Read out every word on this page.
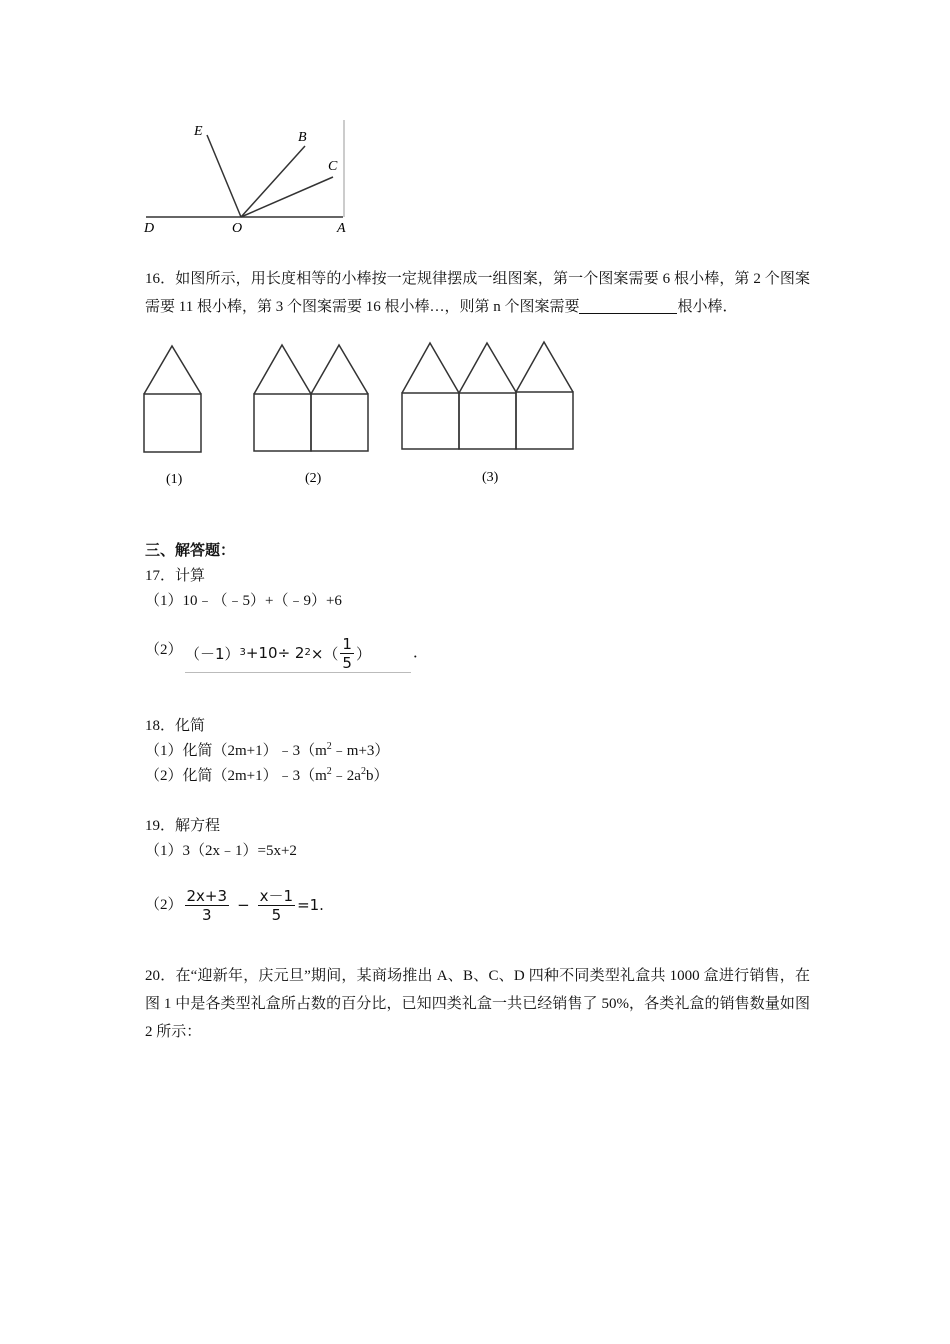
E	B
C
D	O	A
16．如图所示，用长度相等的小棒按一定规律摆成一组图案，第一个图案需要 6 根小棒，第 2 个图案需要 11 根小棒，第 3 个图案需要 16 根小棒…，则第 n 个图案需要	根小棒．
(1)	(2)	(3)
三、解答题：
17．计算
（1）10﹣（﹣5）+（﹣9）+6
（2） （－1） 3 +10÷ 2 2 ×（ $\frac{1}{5}$ ）	．
18．化简
（1）化简$(2m+1)﹣3(m^2﹣m+3)$
（2）化简$(2m+1)﹣3(m^2﹣2a^2b)$
19．解方程
（1）3（2x﹣1）=5x+2
$(2) \frac{2x+3}{3} - \frac{x-1}{5} =1$.
20．在“迎新年，庆元旦”期间，某商场推出 A、B、C、D 四种不同类型礼盒共 1000 盒进行销售，在图 1 中是各类型礼盒所占数的百分比，已知四类礼盒一共已经销售了 50%，各类礼盒的销售数量如图 2 所示：
